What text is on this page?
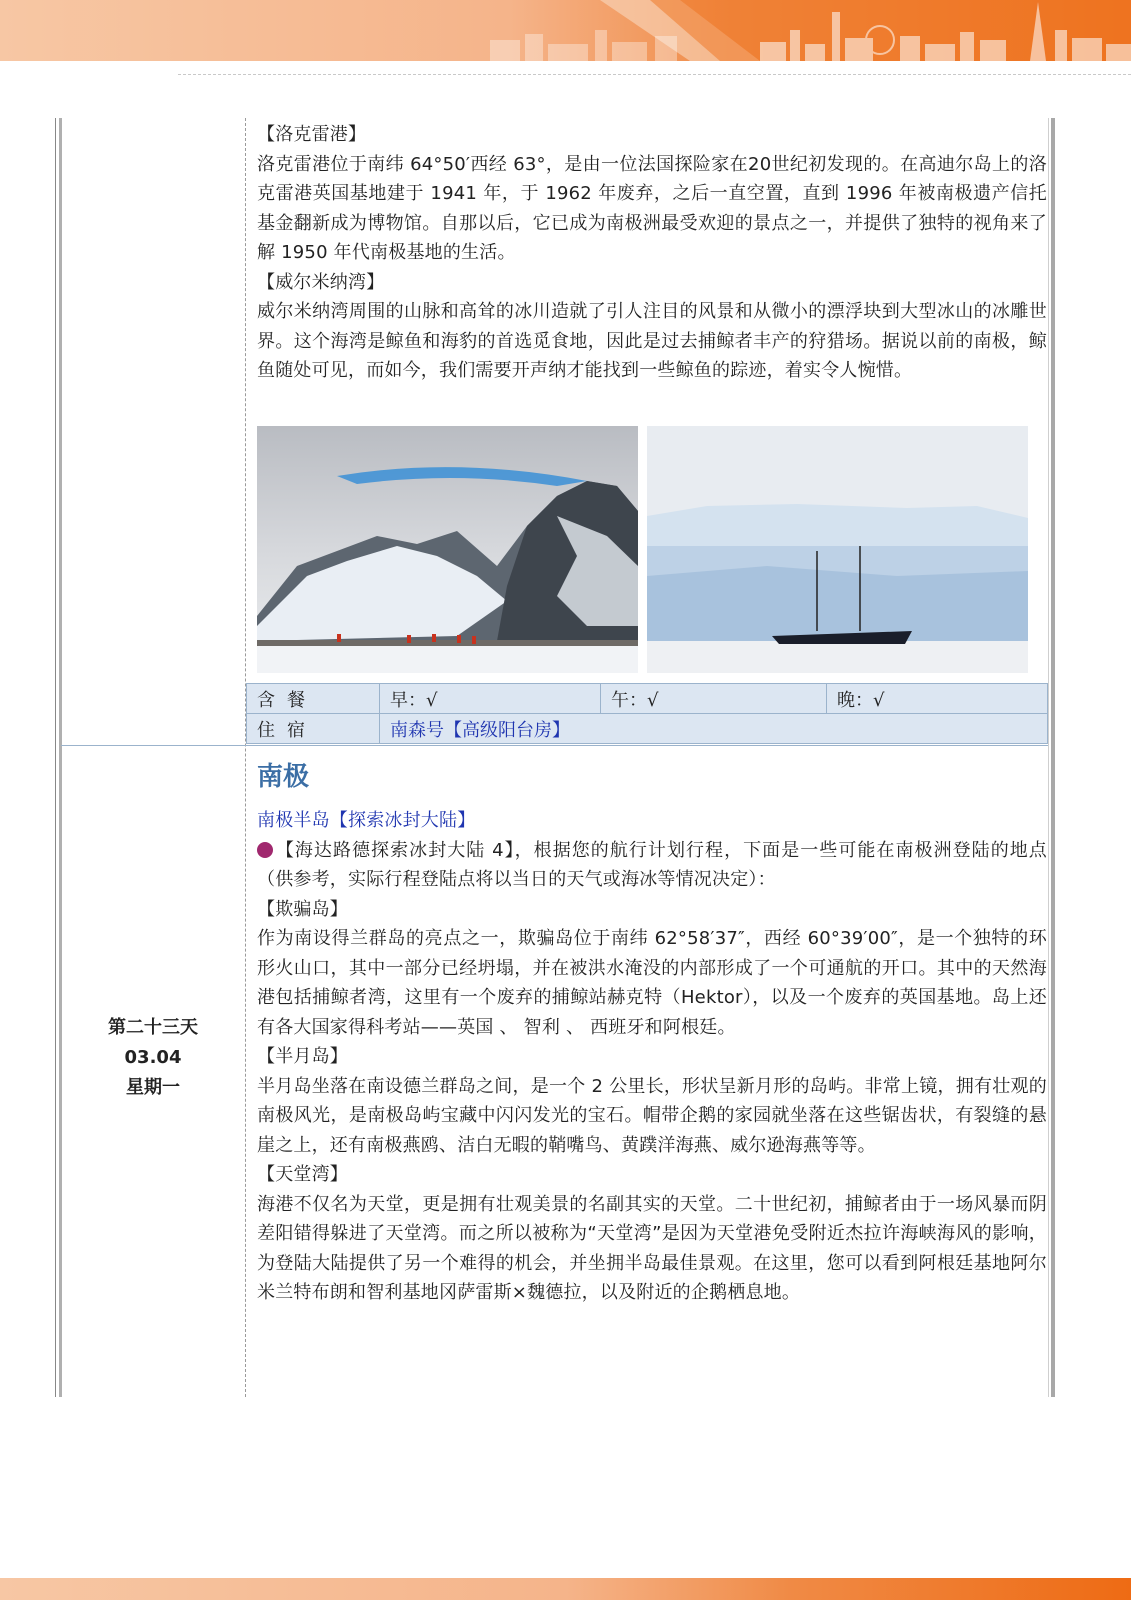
【洛克雷港】

洛克雷港位于南纬 64°50′西经 63°，是由一位法国探险家在20世纪初发现的。在高迪尔岛上的洛克雷港英国基地建于 1941 年，于 1962 年废弃，之后一直空置，直到 1996 年被南极遗产信托基金翻新成为博物馆。自那以后，它已成为南极洲最受欢迎的景点之一，并提供了独特的视角来了解 1950 年代南极基地的生活。

【威尔米纳湾】

威尔米纳湾周围的山脉和高耸的冰川造就了引人注目的风景和从微小的漂浮块到大型冰山的冰雕世界。这个海湾是鲸鱼和海豹的首选觅食地，因此是过去捕鲸者丰产的狩猎场。据说以前的南极，鲸鱼随处可见，而如今，我们需要开声纳才能找到一些鲸鱼的踪迹，着实令人惋惜。

含餐	早：√	午：√	晚：√
住宿	南森号【高级阳台房】		
第二十三天
03.04
星期一
南极

南极半岛【探索冰封大陆】

【海达路德探索冰封大陆 4】，根据您的航行计划行程，下面是一些可能在南极洲登陆的地点（供参考，实际行程登陆点将以当日的天气或海冰等情况决定）：

【欺骗岛】

作为南设得兰群岛的亮点之一，欺骗岛位于南纬 62°58′37″，西经 60°39′00″，是一个独特的环形火山口，其中一部分已经坍塌，并在被洪水淹没的内部形成了一个可通航的开口。其中的天然海港包括捕鲸者湾，这里有一个废弃的捕鲸站赫克特（Hektor），以及一个废弃的英国基地。岛上还有各大国家得科考站——英国 、 智利 、 西班牙和阿根廷。

【半月岛】

半月岛坐落在南设德兰群岛之间，是一个 2 公里长，形状呈新月形的岛屿。非常上镜，拥有壮观的南极风光，是南极岛屿宝藏中闪闪发光的宝石。帽带企鹅的家园就坐落在这些锯齿状，有裂缝的悬崖之上，还有南极燕鸥、洁白无暇的鞘嘴鸟、黄蹼洋海燕、威尔逊海燕等等。

【天堂湾】

海港不仅名为天堂，更是拥有壮观美景的名副其实的天堂。二十世纪初，捕鲸者由于一场风暴而阴差阳错得躲进了天堂湾。而之所以被称为“天堂湾”是因为天堂港免受附近杰拉许海峡海风的影响，为登陆大陆提供了另一个难得的机会，并坐拥半岛最佳景观。在这里，您可以看到阿根廷基地阿尔米兰特布朗和智利基地冈萨雷斯×魏德拉，以及附近的企鹅栖息地。
